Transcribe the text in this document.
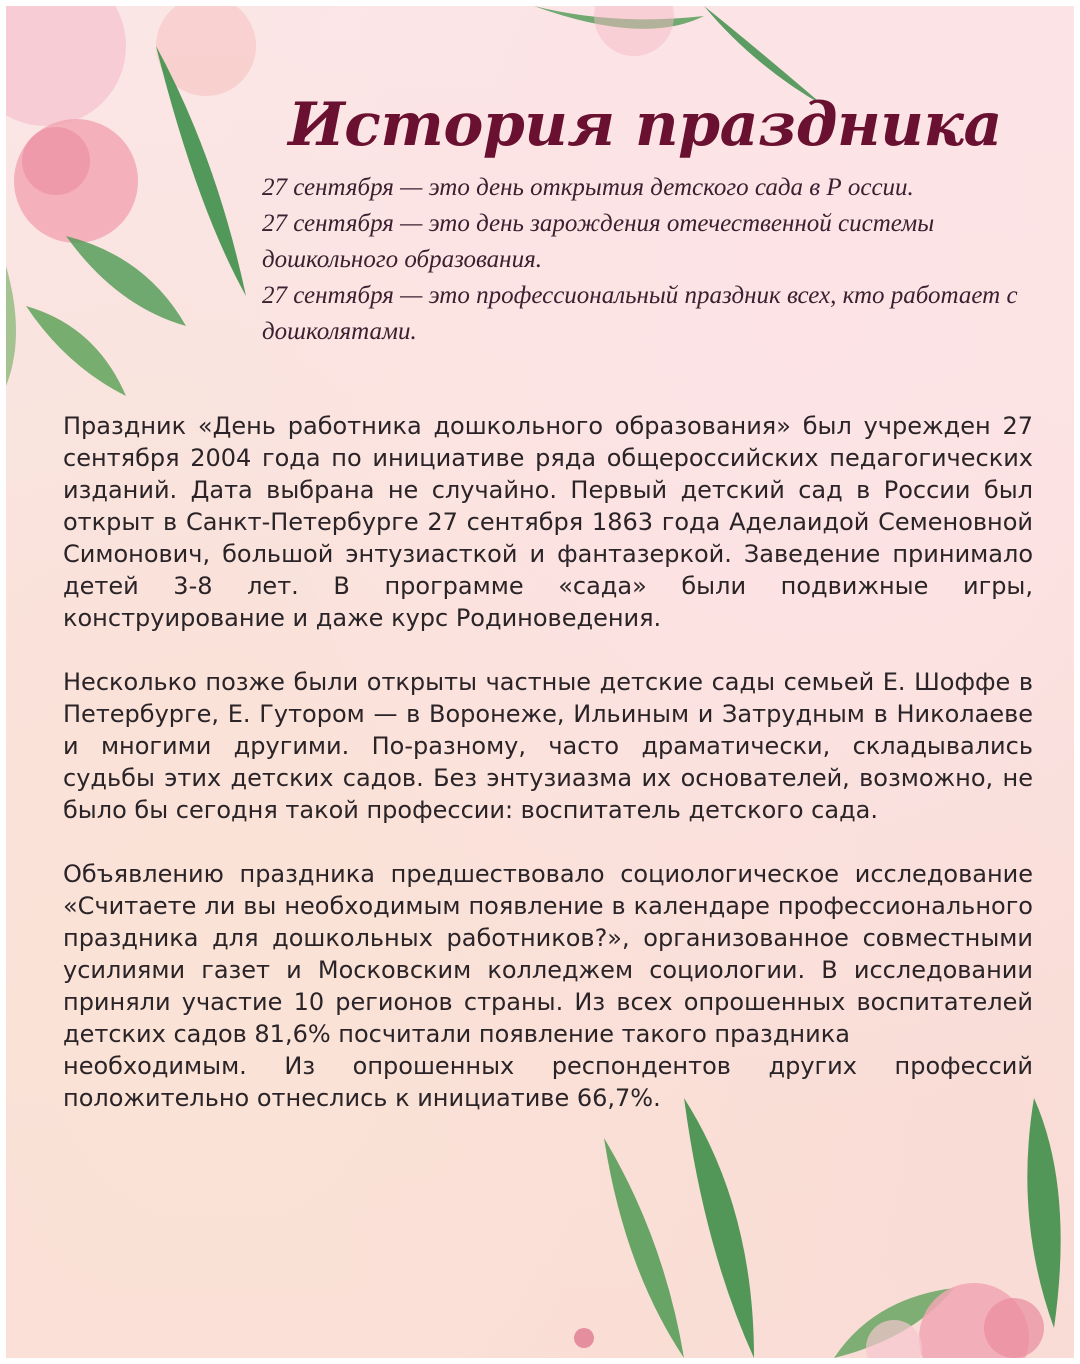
История праздника

27 сентября — это день открытия детского сада в Р оссии.

27 сентября — это день зарождения отечественной системы дошкольного образования.

27 сентября — это профессиональный праздник всех, кто работает с дошколятами.

Праздник «День работника дошкольного образования» был учрежден 27 сентября 2004 года по инициативе ряда общероссийских педагогических изданий. Дата выбрана не случайно. Первый детский сад в России был открыт в Санкт-Петербурге 27 сентября 1863 года Аделаидой Семеновной Симонович, большой энтузиасткой и фантазеркой. Заведение принимало детей 3-8 лет. В программе «сада» были подвижные игры, конструирование и даже курс Родиноведения.

Несколько позже были открыты частные детские сады семьей Е. Шоффе в Петербурге, Е. Гутором — в Воронеже, Ильиным и Затрудным в Николаеве и многими другими. По-разному, часто драматически, складывались судьбы этих детских садов. Без энтузиазма их основателей, возможно, не было бы сегодня такой профессии: воспитатель детского сада.

Объявлению праздника предшествовало социологическое исследование «Считаете ли вы необходимым появление в календаре профессионального праздника для дошкольных работников?», организованное совместными усилиями газет и Московским колледжем социологии. В исследовании приняли участие 10 регионов страны. Из всех опрошенных воспитателей детских садов 81,6% посчитали появление такого праздника

необходимым. Из опрошенных респондентов других профессий положительно отнеслись к инициативе 66,7%.
